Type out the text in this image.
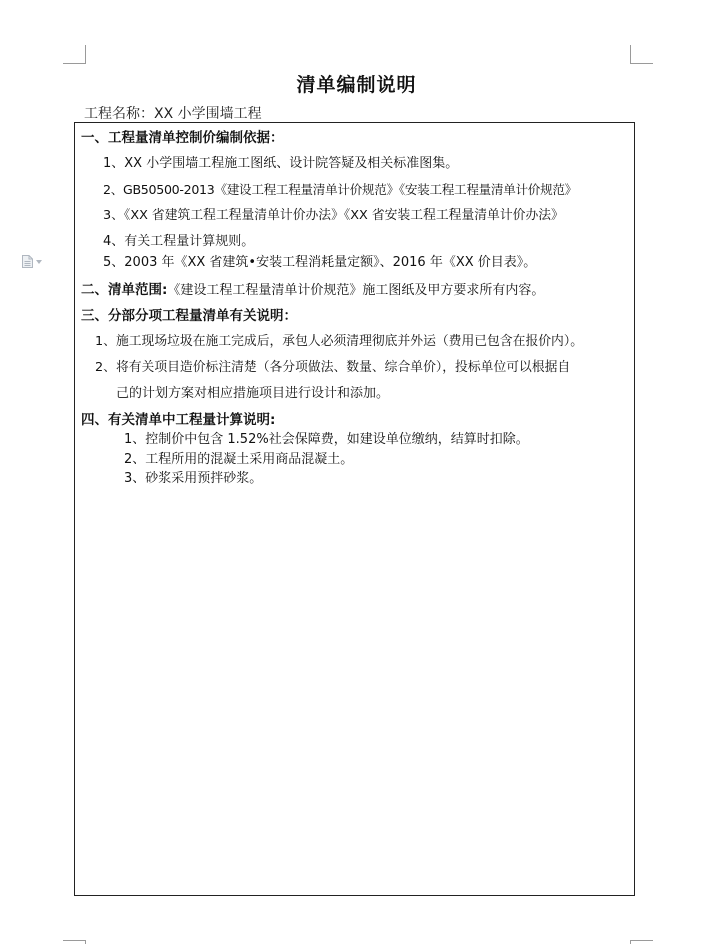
清单编制说明
工程名称：XX 小学围墙工程
一、工程量清单控制价编制依据：
1、XX 小学围墙工程施工图纸、设计院答疑及相关标准图集。
2、GB50500-2013《建设工程工程量清单计价规范》《安装工程工程量清单计价规范》
3、《XX 省建筑工程工程量清单计价办法》《XX 省安装工程工程量清单计价办法》
4、有关工程量计算规则。
5、2003 年《XX 省建筑•安装工程消耗量定额》、2016 年《XX 价目表》。
二、清单范围:《建设工程工程量清单计价规范》施工图纸及甲方要求所有内容。
三、分部分项工程量清单有关说明：
1、施工现场垃圾在施工完成后，承包人必须清理彻底并外运（费用已包含在报价内）。
2、将有关项目造价标注清楚（各分项做法、数量、综合单价），投标单位可以根据自
己的计划方案对相应措施项目进行设计和添加。
四、有关清单中工程量计算说明:
1、控制价中包含 1.52%社会保障费，如建设单位缴纳，结算时扣除。
2、工程所用的混凝土采用商品混凝土。
3、砂浆采用预拌砂浆。
